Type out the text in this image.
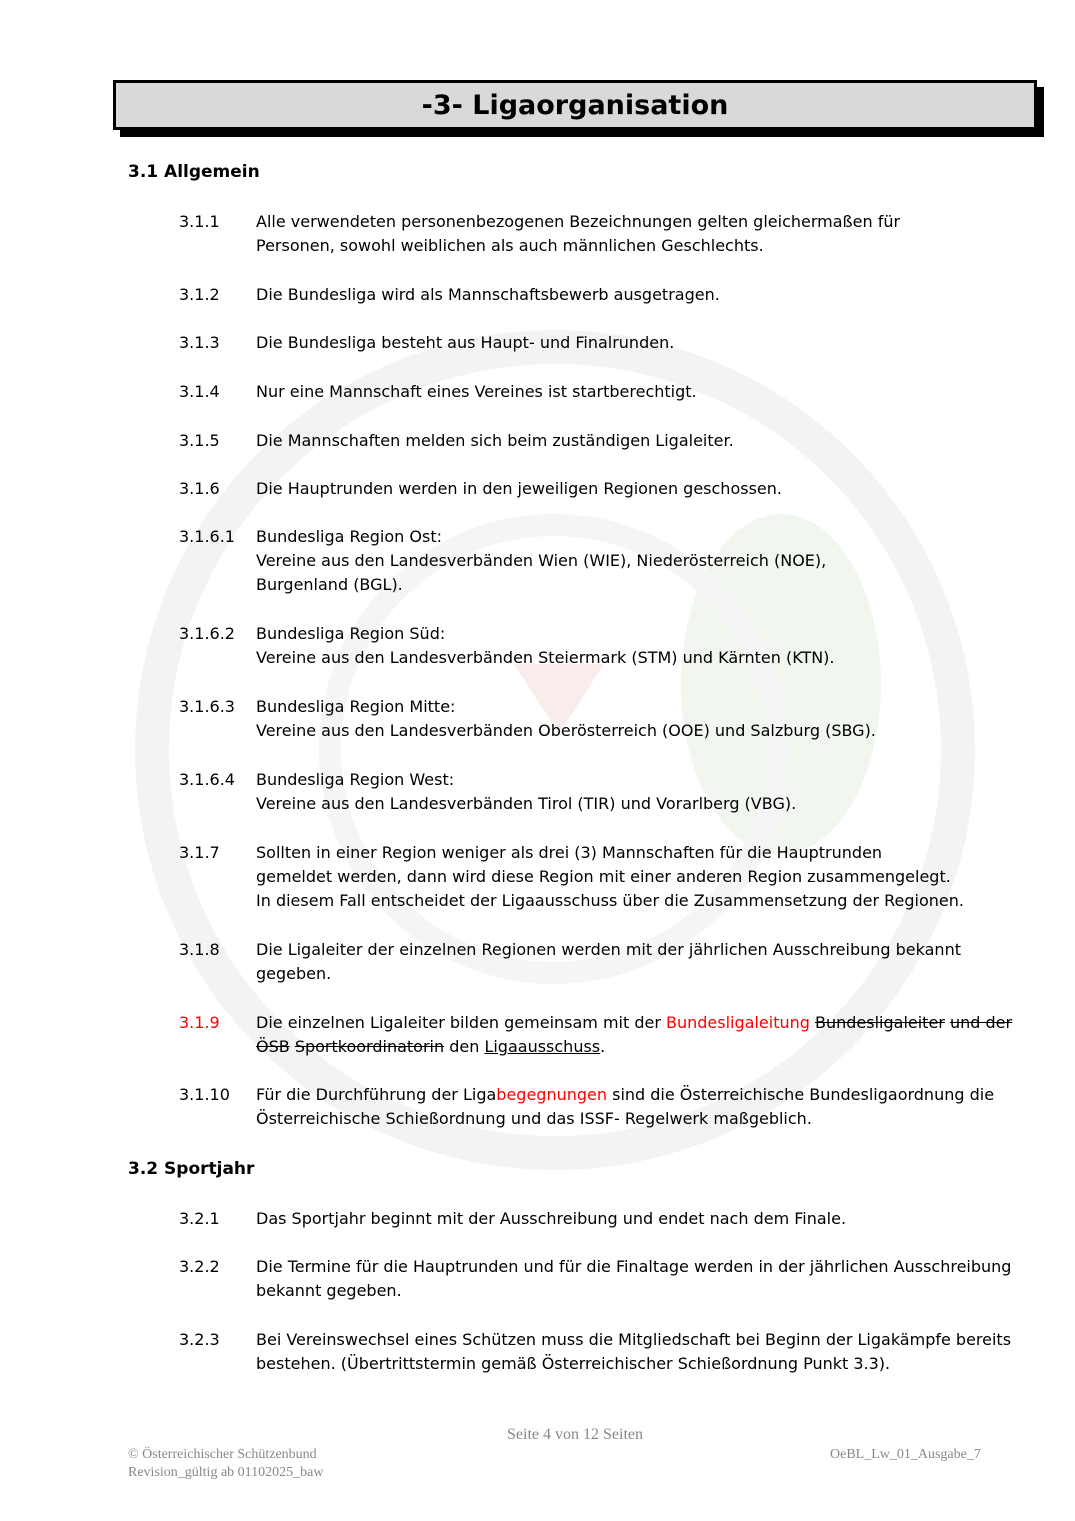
-3- Ligaorganisation
3.1 Allgemein
3.1.1	Alle verwendeten personenbezogenen Bezeichnungen gelten gleichermaßen für
Personen, sowohl weiblichen als auch männlichen Geschlechts.
3.1.2	Die Bundesliga wird als Mannschaftsbewerb ausgetragen.
3.1.3	Die Bundesliga besteht aus Haupt- und Finalrunden.
3.1.4	Nur eine Mannschaft eines Vereines ist startberechtigt.
3.1.5	Die Mannschaften melden sich beim zuständigen Ligaleiter.
3.1.6	Die Hauptrunden werden in den jeweiligen Regionen geschossen.
3.1.6.1	Bundesliga Region Ost:
Vereine aus den Landesverbänden Wien (WIE), Niederösterreich (NOE),
Burgenland (BGL).
3.1.6.2	Bundesliga Region Süd:
Vereine aus den Landesverbänden Steiermark (STM) und Kärnten (KTN).
3.1.6.3	Bundesliga Region Mitte:
Vereine aus den Landesverbänden Oberösterreich (OOE) und Salzburg (SBG).
3.1.6.4	Bundesliga Region West:
Vereine aus den Landesverbänden Tirol (TIR) und Vorarlberg (VBG).
3.1.7	Sollten in einer Region weniger als drei (3) Mannschaften für die Hauptrunden
gemeldet werden, dann wird diese Region mit einer anderen Region zusammengelegt.
In diesem Fall entscheidet der Ligaausschuss über die Zusammensetzung der Regionen.
3.1.8	Die Ligaleiter der einzelnen Regionen werden mit der jährlichen Ausschreibung bekannt
gegeben.
3.1.9	Die einzelnen Ligaleiter bilden gemeinsam mit der Bundesligaleitung Bundesligaleiter und der
ÖSB Sportkoordinatorin den Ligaausschuss.
3.1.10	Für die Durchführung der Ligabegegnungen sind die Österreichische Bundesligaordnung die
Österreichische Schießordnung und das ISSF- Regelwerk maßgeblich.
3.2 Sportjahr
3.2.1	Das Sportjahr beginnt mit der Ausschreibung und endet nach dem Finale.
3.2.2	Die Termine für die Hauptrunden und für die Finaltage werden in der jährlichen Ausschreibung
bekannt gegeben.
3.2.3	Bei Vereinswechsel eines Schützen muss die Mitgliedschaft bei Beginn der Ligakämpfe bereits
bestehen. (Übertrittstermin gemäß Österreichischer Schießordnung Punkt 3.3).
Seite 4 von 12 Seiten
© Österreichischer Schützenbund
Revision_gültig ab 01102025_baw
OeBL_Lw_01_Ausgabe_7
